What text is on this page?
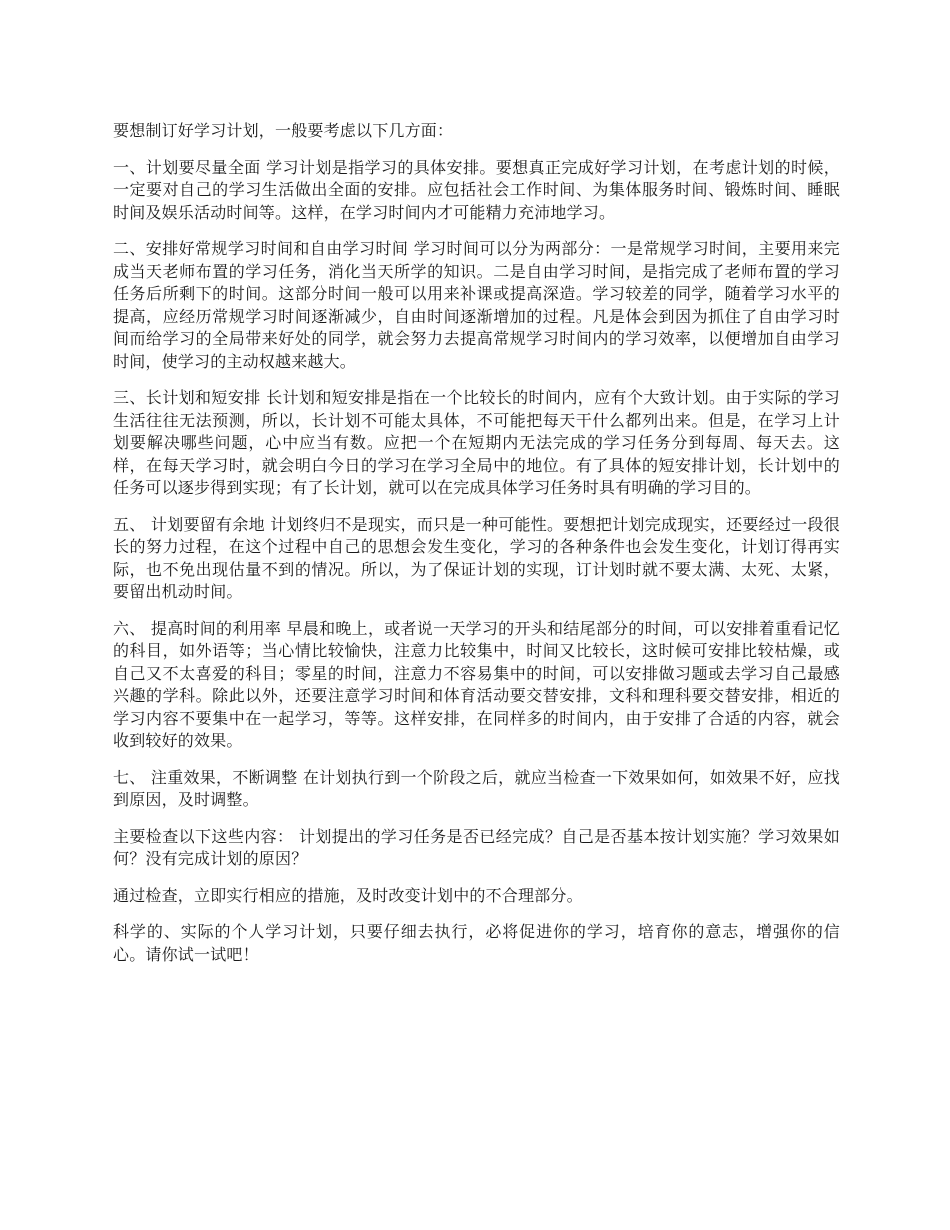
要想制订好学习计划，一般要考虑以下几方面：

一、计划要尽量全面 学习计划是指学习的具体安排。要想真正完成好学习计划，在考虑计划的时候，一定要对自己的学习生活做出全面的安排。应包括社会工作时间、为集体服务时间、锻炼时间、睡眠时间及娱乐活动时间等。这样，在学习时间内才可能精力充沛地学习。

二、安排好常规学习时间和自由学习时间 学习时间可以分为两部分：一是常规学习时间，主要用来完成当天老师布置的学习任务，消化当天所学的知识。二是自由学习时间，是指完成了老师布置的学习任务后所剩下的时间。这部分时间一般可以用来补课或提高深造。学习较差的同学，随着学习水平的提高，应经历常规学习时间逐渐减少，自由时间逐渐增加的过程。凡是体会到因为抓住了自由学习时间而给学习的全局带来好处的同学，就会努力去提高常规学习时间内的学习效率，以便增加自由学习时间，使学习的主动权越来越大。

三、长计划和短安排 长计划和短安排是指在一个比较长的时间内，应有个大致计划。由于实际的学习生活往往无法预测，所以，长计划不可能太具体，不可能把每天干什么都列出来。但是，在学习上计划要解决哪些问题，心中应当有数。应把一个在短期内无法完成的学习任务分到每周、每天去。这样，在每天学习时，就会明白今日的学习在学习全局中的地位。有了具体的短安排计划，长计划中的任务可以逐步得到实现；有了长计划，就可以在完成具体学习任务时具有明确的学习目的。

五、 计划要留有余地 计划终归不是现实，而只是一种可能性。要想把计划完成现实，还要经过一段很长的努力过程，在这个过程中自己的思想会发生变化，学习的各种条件也会发生变化，计划订得再实际，也不免出现估量不到的情况。所以，为了保证计划的实现，订计划时就不要太满、太死、太紧，要留出机动时间。

六、 提高时间的利用率 早晨和晚上，或者说一天学习的开头和结尾部分的时间，可以安排着重看记忆的科目，如外语等；当心情比较愉快，注意力比较集中，时间又比较长，这时候可安排比较枯燥，或自己又不太喜爱的科目；零星的时间，注意力不容易集中的时间，可以安排做习题或去学习自己最感兴趣的学科。除此以外，还要注意学习时间和体育活动要交替安排，文科和理科要交替安排，相近的学习内容不要集中在一起学习，等等。这样安排，在同样多的时间内，由于安排了合适的内容，就会收到较好的效果。

七、 注重效果，不断调整 在计划执行到一个阶段之后，就应当检查一下效果如何，如效果不好，应找到原因，及时调整。

主要检查以下这些内容： 计划提出的学习任务是否已经完成？自己是否基本按计划实施？学习效果如何？没有完成计划的原因？

通过检查，立即实行相应的措施，及时改变计划中的不合理部分。

科学的、实际的个人学习计划，只要仔细去执行，必将促进你的学习，培育你的意志，增强你的信心。请你试一试吧！
